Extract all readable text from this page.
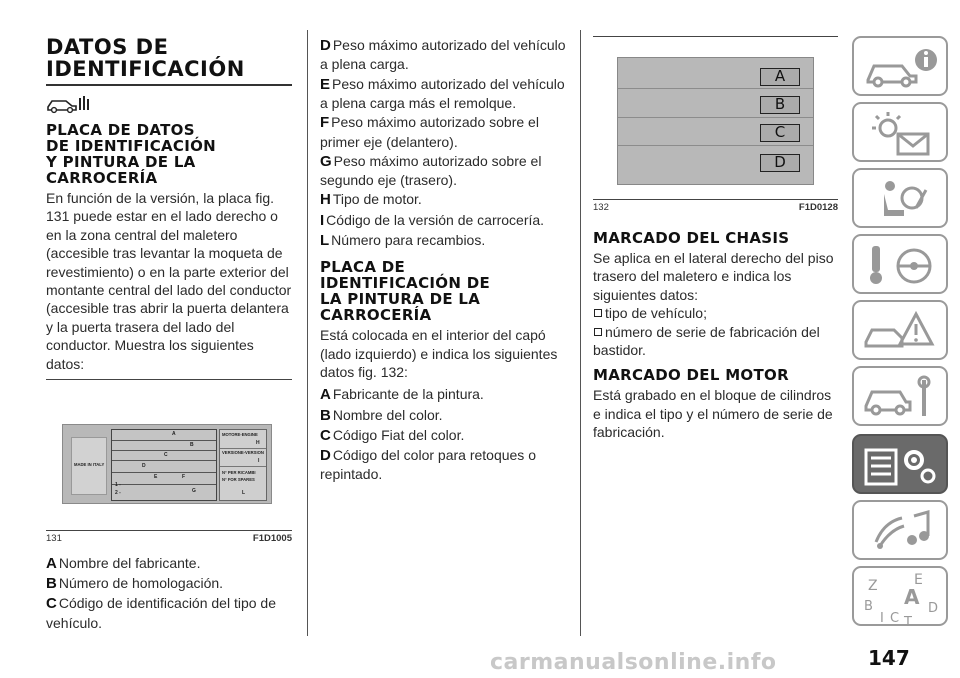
DATOS DE
IDENTIFICACIÓN
PLACA DE DATOS
DE IDENTIFICACIÓN
Y PINTURA DE LA
CARROCERÍA
En función de la versión, la placa fig. 131 puede estar en el lado derecho o en la zona central del maletero (accesible tras levantar la moqueta de revestimiento) o en la parte exterior del montante central del lado del conductor (accesible tras abrir la puerta delantera y la puerta trasera del lado del conductor. Muestra los siguientes datos:
MADE IN ITALY
A
B
C
D
E	F
G
1 -
2 -
MOTORE-ENGINE
H
VERSIONE-VERSION
I
N° PER RICAMBI
N° FOR SPARES
L
131	F1D1005
A Nombre del fabricante.
B Número de homologación.
C Código de identificación del tipo de vehículo.
D Peso máximo autorizado del vehículo a plena carga.
E Peso máximo autorizado del vehículo a plena carga más el remolque.
F Peso máximo autorizado sobre el primer eje (delantero).
G Peso máximo autorizado sobre el segundo eje (trasero).
H Tipo de motor.
I Código de la versión de carrocería.
L Número para recambios.
PLACA DE
IDENTIFICACIÓN DE
LA PINTURA DE LA
CARROCERÍA
Está colocada en el interior del capó (lado izquierdo) e indica los siguientes datos fig. 132:
A Fabricante de la pintura.
B Nombre del color.
C Código Fiat del color.
D Código del color para retoques o repintado.
A
B
C
D
132	F1D0128
MARCADO DEL CHASIS
Se aplica en el lateral derecho del piso trasero del maletero e indica los siguientes datos:
tipo de vehículo;
número de serie de fabricación del bastidor.
MARCADO DEL MOTOR
Está grabado en el bloque de cilindros e indica el tipo y el número de serie de fabricación.
Z	E
B A D
I C T
carmanualsonline.info	147
